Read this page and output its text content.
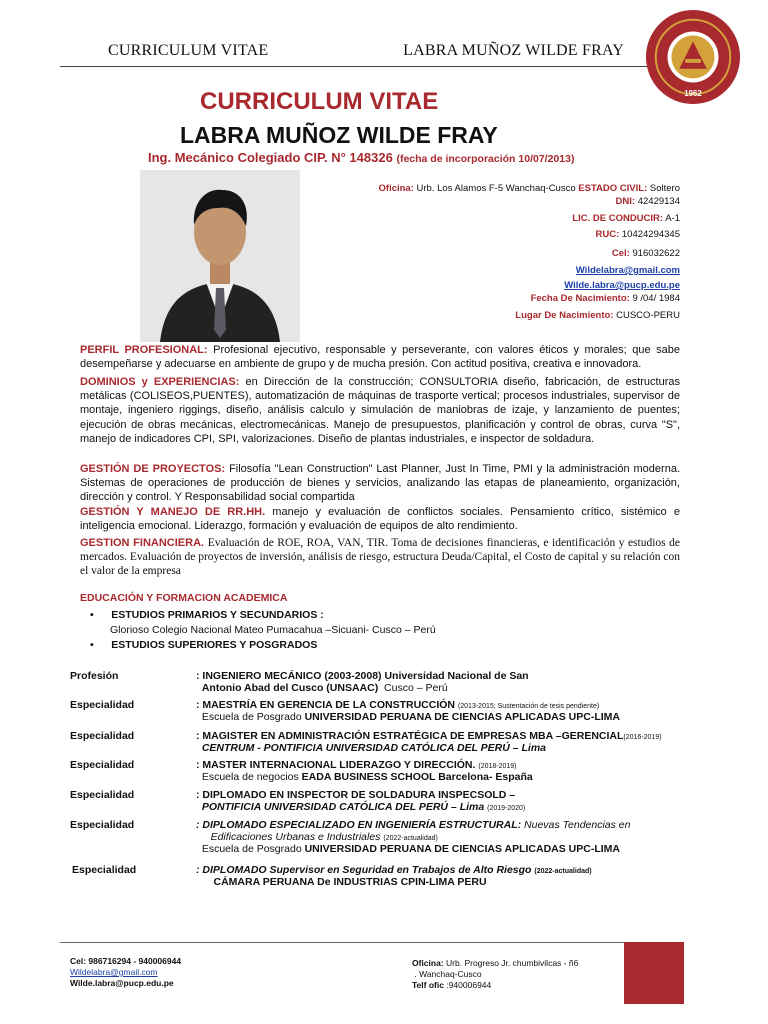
CURRICULUM VITAE	LABRA MUÑOZ WILDE FRAY
1962
CURRICULUM VITAE
LABRA MUÑOZ WILDE FRAY
Ing. Mecánico Colegiado CIP. N° 148326 (fecha de incorporación 10/07/2013)
Oficina: Urb. Los Alamos F-5 Wanchaq-Cusco ESTADO CIVIL: Soltero
DNI: 42429134
LIC. DE CONDUCIR: A-1
RUC: 10424294345
Cel: 916032622
Wildelabra@gmail.com
Wilde.labra@pucp.edu.pe
Fecha De Nacimiento: 9 /04/ 1984
Lugar De Nacimiento: CUSCO-PERU
PERFIL PROFESIONAL: Profesional ejecutivo, responsable y perseverante, con valores éticos y morales; que sabe desempeñarse y adecuarse en ambiente de grupo y de mucha presión. Con actitud positiva, creativa e innovadora.
DOMINIOS y EXPERIENCIAS: en Dirección de la construcción; CONSULTORIA diseño, fabricación, de estructuras metálicas (COLISEOS,PUENTES), automatización de máquinas de trasporte vertical; procesos industriales, supervisor de montaje, ingeniero riggings, diseño, análisis calculo y simulación de maniobras de izaje, y lanzamiento de puentes; ejecución de obras mecánicas, electromecánicas. Manejo de presupuestos, planificación y control de obras, curva "S", manejo de indicadores CPI, SPI, valorizaciones. Diseño de plantas industriales, e inspector de soldadura.
GESTIÓN DE PROYECTOS: Filosofía "Lean Construction" Last Planner, Just In Time, PMI y la administración moderna. Sistemas de operaciones de producción de bienes y servicios, analizando las etapas de planeamiento, organización, dirección y control. Y Responsabilidad social compartida
GESTIÓN Y MANEJO DE RR.HH. manejo y evaluación de conflictos sociales. Pensamiento crítico, sistémico e inteligencia emocional. Liderazgo, formación y evaluación de equipos de alto rendimiento.
GESTION FINANCIERA. Evaluación de ROE, ROA, VAN, TIR. Toma de decisiones financieras, e identificación y estudios de mercados. Evaluación de proyectos de inversión, análisis de riesgo, estructura Deuda/Capital, el Costo de capital y su relación con el valor de la empresa
EDUCACIÓN Y FORMACION ACADEMICA
•      ESTUDIOS PRIMARIOS Y SECUNDARIOS :
Glorioso Colegio Nacional Mateo Pumacahua –Sicuani- Cusco – Perú
•      ESTUDIOS SUPERIORES Y POSGRADOS
Profesión	: INGENIERO MECÁNICO (2003-2008) Universidad Nacional de San
Antonio Abad del Cusco (UNSAAC) Cusco – Perú
Especialidad	: MAESTRÍA EN GERENCIA DE LA CONSTRUCCIÓN (2013-2015; Sustentación de tesis pendiente)
Escuela de Posgrado UNIVERSIDAD PERUANA DE CIENCIAS APLICADAS UPC-LIMA
Especialidad	: MAGISTER EN ADMINISTRACIÓN ESTRATÉGICA DE EMPRESAS MBA –GERENCIAL(2016-2019)
CENTRUM - PONTIFICIA UNIVERSIDAD CATÓLICA DEL PERÚ – Lima
Especialidad	: MASTER INTERNACIONAL LIDERAZGO Y DIRECCIÓN. (2018-2019)
Escuela de negocios EADA BUSINESS SCHOOL Barcelona- España
Especialidad	: DIPLOMADO EN INSPECTOR DE SOLDADURA INSPECSOLD –
PONTIFICIA UNIVERSIDAD CATÓLICA DEL PERÚ – Lima (2019-2020)
Especialidad	: DIPLOMADO ESPECIALIZADO EN INGENIERÍA ESTRUCTURAL: Nuevas Tendencias en
Edificaciones Urbanas e Industriales (2022-actualidad)
Escuela de Posgrado UNIVERSIDAD PERUANA DE CIENCIAS APLICADAS UPC-LIMA
Especialidad	: DIPLOMADO Supervisor en Seguridad en Trabajos de Alto Riesgo (2022-actualidad)
CÁMARA PERUANA De INDUSTRIAS CPIN-LIMA PERU
Cel: 986716294 - 940006944
Wildelabra@gmail.com
Wilde.labra@pucp.edu.pe
Oficina: Urb. Progreso Jr. chumbivilcas - ñ6
. Wanchaq-Cusco
Telf ofic :940006944
